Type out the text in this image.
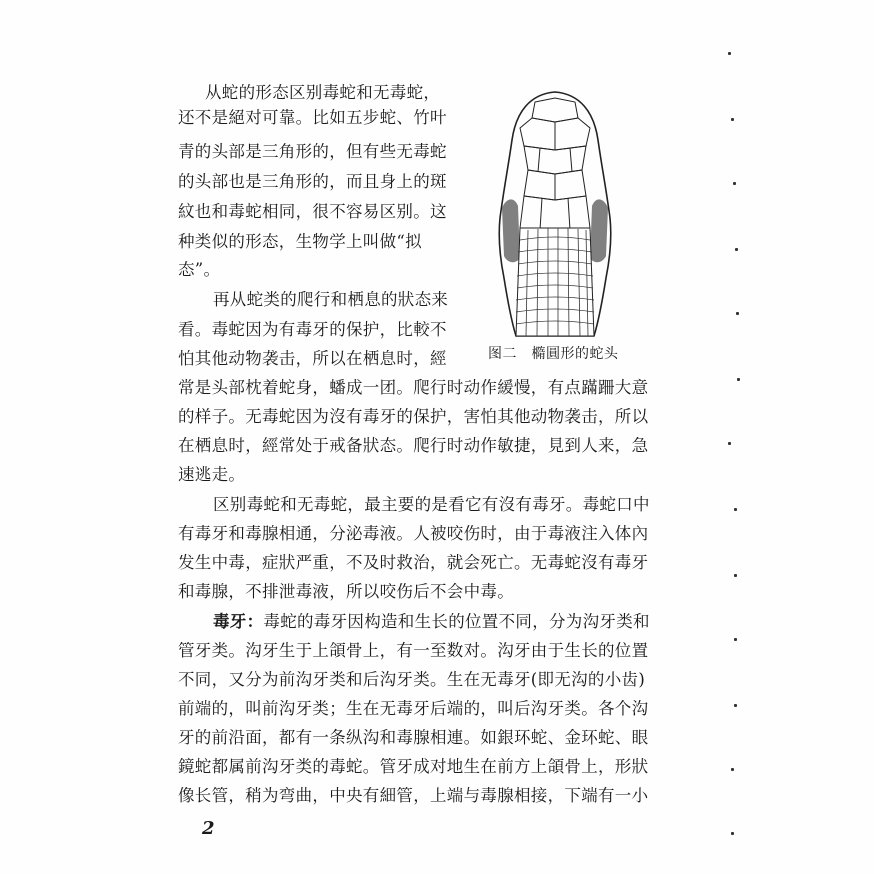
从蛇的形态区别毒蛇和无毒蛇，
还不是絕对可靠。比如五步蛇、竹叶
青的头部是三角形的，但有些无毒蛇
的头部也是三角形的，而且身上的斑
紋也和毒蛇相同，很不容易区别。这
种类似的形态，生物学上叫做“拟
态”。
再从蛇类的爬行和栖息的狀态来
看。毒蛇因为有毒牙的保护，比較不
怕其他动物袭击，所以在栖息时，經
常是头部枕着蛇身，蟠成一团。爬行时动作緩慢，有点蹣跚大意
的样子。无毒蛇因为沒有毒牙的保护，害怕其他动物袭击，所以
在栖息时，經常处于戒备狀态。爬行时动作敏捷，見到人来，急
速逃走。
区别毒蛇和无毒蛇，最主要的是看它有沒有毒牙。毒蛇口中
有毒牙和毒腺相通，分泌毒液。人被咬伤时，由于毒液注入体內
发生中毒，症狀严重，不及时救治，就会死亡。无毒蛇沒有毒牙
和毒腺，不排泄毒液，所以咬伤后不会中毒。
毒牙：毒蛇的毒牙因构造和生长的位置不同，分为沟牙类和
管牙类。沟牙生于上頜骨上，有一至数对。沟牙由于生长的位置
不同，又分为前沟牙类和后沟牙类。生在无毒牙(即无沟的小齿)
前端的，叫前沟牙类；生在无毒牙后端的，叫后沟牙类。各个沟
牙的前沿面，都有一条纵沟和毒腺相連。如銀环蛇、金环蛇、眼
鏡蛇都属前沟牙类的毒蛇。管牙成对地生在前方上頜骨上，形狀
像长管，稍为弯曲，中央有細管，上端与毒腺相接，下端有一小
图二　橢圓形的蛇头
2
